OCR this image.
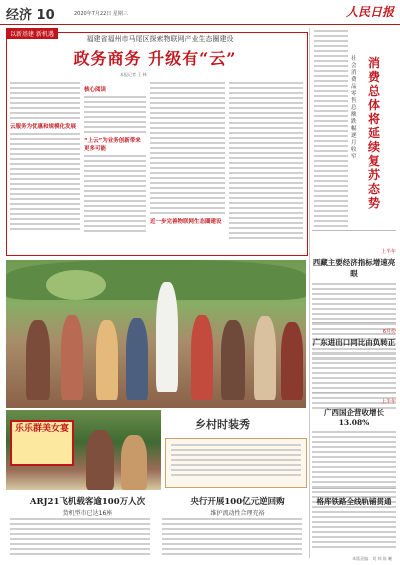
经济 10	2020年7月22日 星期三	人民日报
以新基建 新机遇
福建省福州市马尾区探索物联网产业生态圈建设
政务商务 升级有“云”
本报记者 王 林
云服务为优惠和规模化发展
核心阅读
“上云”为业务创新带来更多可能
近一步完善物联网生态圈建设
社会消费品零售总额跌幅逐月收窄
消费总体将延续复苏态势
乐乐群美女宴	乡村时装秀
ARJ21飞机载客逾100万人次
货机型市已达16座
央行开展100亿元逆回购
维护流动性合理充裕
上半年
西藏主要经济指标增速亮眼
6月份
广东进出口同比由负转正
上半年
广西国企营收增长13.08%
格库铁路全线轨铺贯通
本版责编：刘 帅 陈 曦
